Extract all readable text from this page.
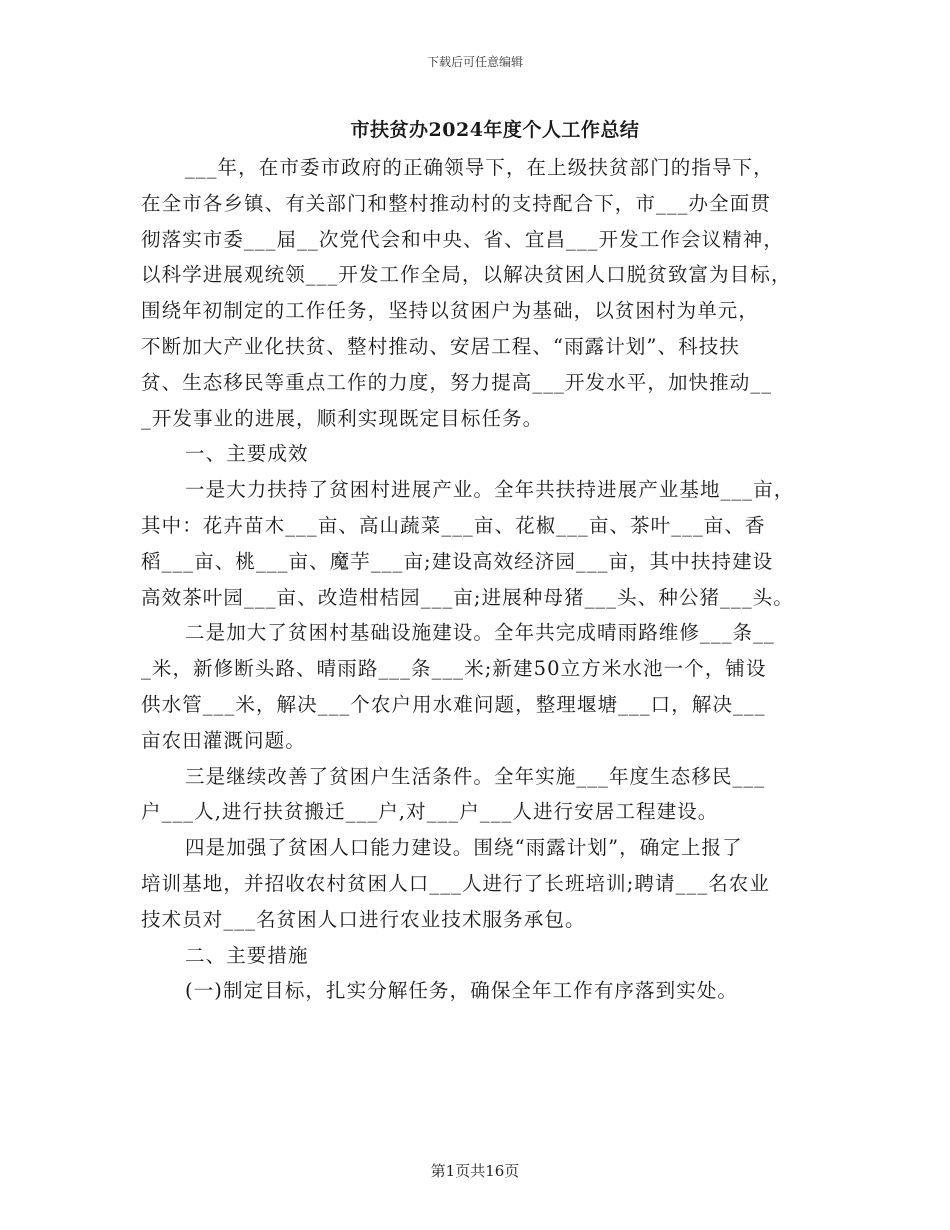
下载后可任意编辑
市扶贫办2024年度个人工作总结
___年，在市委市政府的正确领导下，在上级扶贫部门的指导下，
在全市各乡镇、有关部门和整村推动村的支持配合下，市___办全面贯
彻落实市委___届__次党代会和中央、省、宜昌___开发工作会议精神，
以科学进展观统领___开发工作全局，以解决贫困人口脱贫致富为目标，
围绕年初制定的工作任务，坚持以贫困户为基础，以贫困村为单元，
不断加大产业化扶贫、整村推动、安居工程、“雨露计划”、科技扶
贫、生态移民等重点工作的力度，努力提高___开发水平，加快推动__
_开发事业的进展，顺利实现既定目标任务。
一、主要成效
一是大力扶持了贫困村进展产业。全年共扶持进展产业基地___亩，
其中：花卉苗木___亩、高山蔬菜___亩、花椒___亩、茶叶___亩、香
稻___亩、桃___亩、魔芋___亩;建设高效经济园___亩，其中扶持建设
高效茶叶园___亩、改造柑桔园___亩;进展种母猪___头、种公猪___头。
二是加大了贫困村基础设施建设。全年共完成晴雨路维修___条__
_米，新修断头路、晴雨路___条___米;新建50立方米水池一个，铺设
供水管___米，解决___个农户用水难问题，整理堰塘___口，解决___
亩农田灌溉问题。
三是继续改善了贫困户生活条件。全年实施___年度生态移民___
户___人,进行扶贫搬迁___户,对___户___人进行安居工程建设。
四是加强了贫困人口能力建设。围绕“雨露计划”，确定上报了
培训基地，并招收农村贫困人口___人进行了长班培训;聘请___名农业
技术员对___名贫困人口进行农业技术服务承包。
二、主要措施
(一)制定目标，扎实分解任务，确保全年工作有序落到实处。
第1页共16页
